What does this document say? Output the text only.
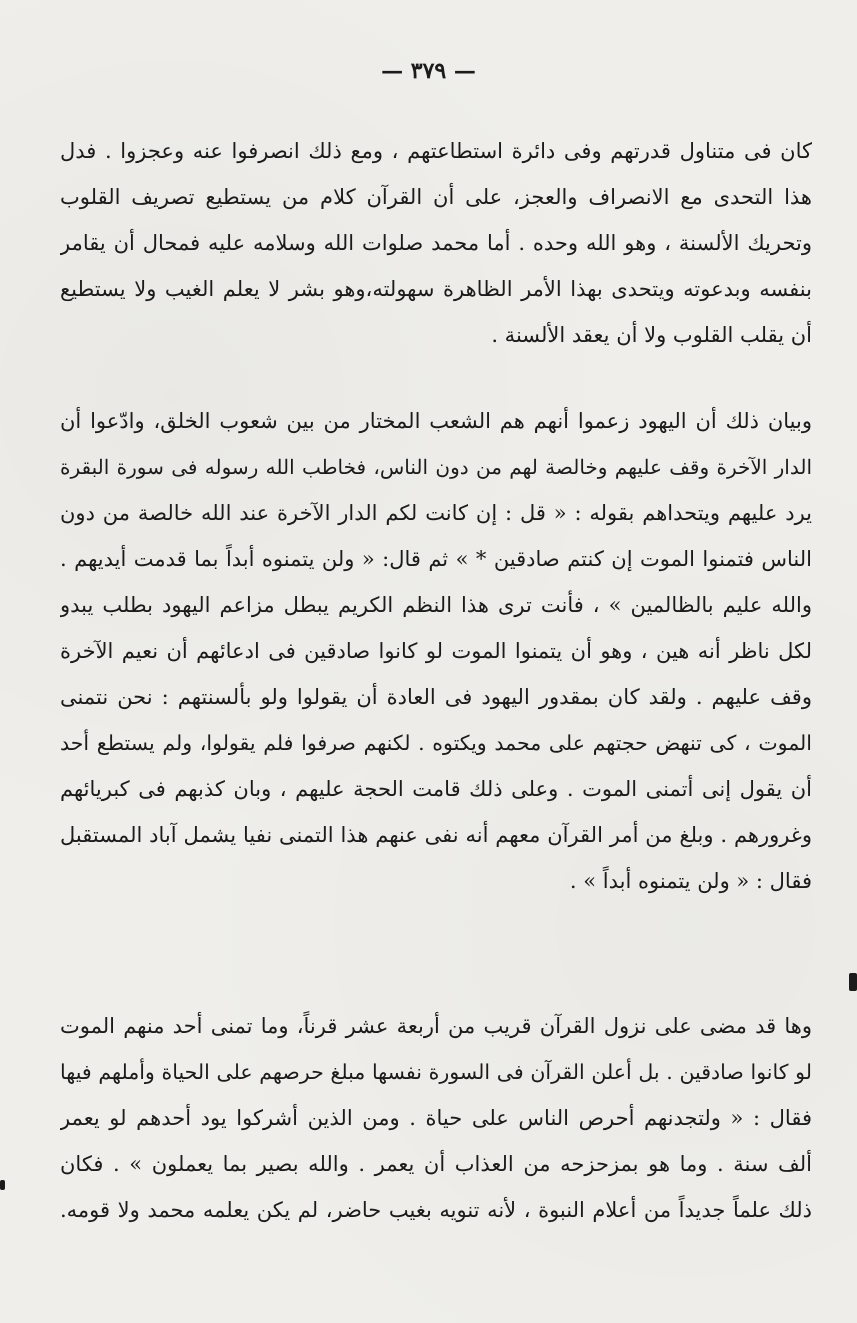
— ٣٧٩ —
كان فى متناول قدرتهم وفى دائرة استطاعتهم ، ومع ذلك انصرفوا عنه وعجزوا . فدل
هذا التحدى مع الانصراف والعجز، على أن القرآن كلام من يستطيع تصريف القلوب
وتحريك الألسنة ، وهو الله وحده . أما محمد صلوات الله وسلامه عليه فمحال أن يقامر
بنفسه وبدعوته ويتحدى بهذا الأمر الظاهرة سهولته،وهو بشر لا يعلم الغيب ولا يستطيع
أن يقلب القلوب ولا أن يعقد الألسنة .
وبيان ذلك أن اليهود زعموا أنهم هم الشعب المختار من بين شعوب الخلق، وادّعوا أن
الدار الآخرة وقف عليهم وخالصة لهم من دون الناس، فخاطب الله رسوله فى سورة البقرة
يرد عليهم ويتحداهم بقوله : « قل : إن كانت لكم الدار الآخرة عند الله خالصة من دون
الناس فتمنوا الموت إن كنتم صادقين * » ثم قال: « ولن يتمنوه أبداً بما قدمت أيديهم .
والله عليم بالظالمين » ، فأنت ترى هذا النظم الكريم يبطل مزاعم اليهود بطلب يبدو
لكل ناظر أنه هين ، وهو أن يتمنوا الموت لو كانوا صادقين فى ادعائهم أن نعيم الآخرة
وقف عليهم . ولقد كان بمقدور اليهود فى العادة أن يقولوا ولو بألسنتهم : نحن نتمنى
الموت ، كى تنهض حجتهم على محمد ويكتوه . لكنهم صرفوا فلم يقولوا، ولم يستطع أحد
أن يقول إنى أتمنى الموت . وعلى ذلك قامت الحجة عليهم ، وبان كذبهم فى كبريائهم
وغرورهم . وبلغ من أمر القرآن معهم أنه نفى عنهم هذا التمنى نفيا يشمل آباد المستقبل
فقال : « ولن يتمنوه أبداً » .
وها قد مضى على نزول القرآن قريب من أربعة عشر قرناً، وما تمنى أحد منهم الموت
لو كانوا صادقين . بل أعلن القرآن فى السورة نفسها مبلغ حرصهم على الحياة وأملهم فيها
فقال : « ولتجدنهم أحرص الناس على حياة . ومن الذين أشركوا يود أحدهم لو يعمر
ألف سنة . وما هو بمزحزحه من العذاب أن يعمر . والله بصير بما يعملون » . فكان
ذلك علماً جديداً من أعلام النبوة ، لأنه تنويه بغيب حاضر، لم يكن يعلمه محمد ولا قومه.
